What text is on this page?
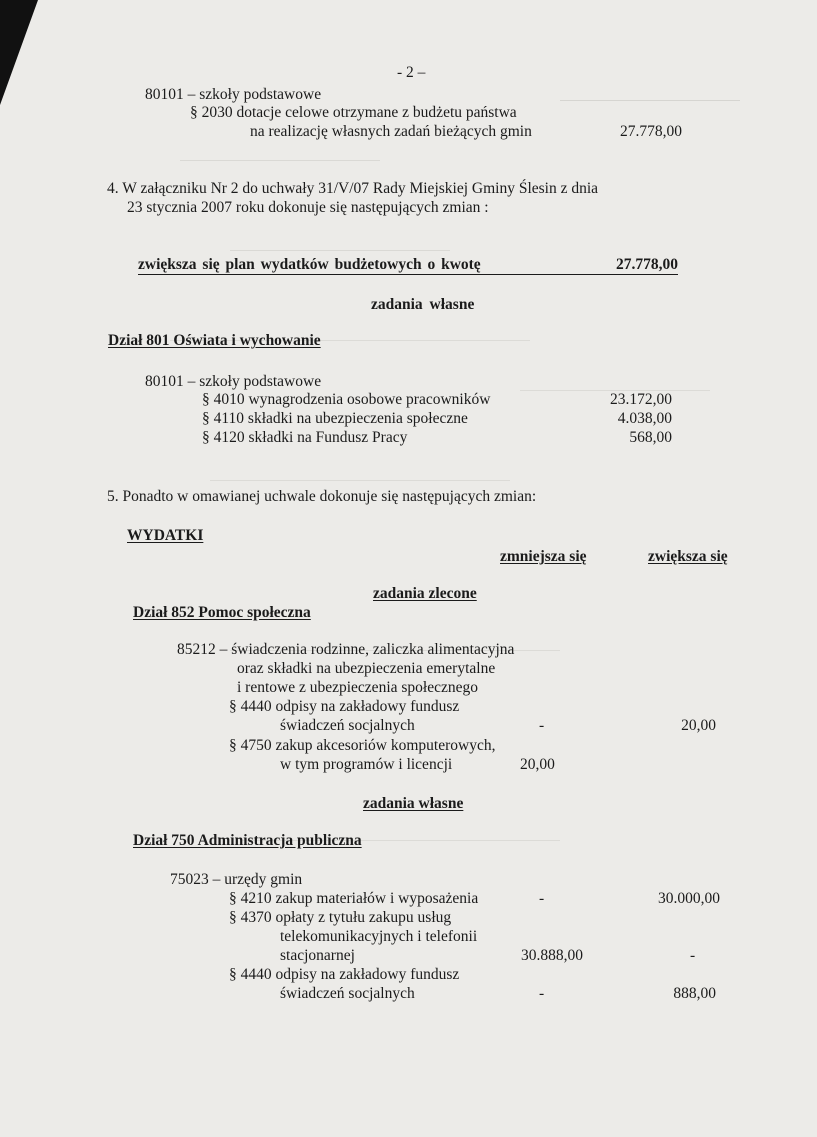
- 2 –
80101 – szkoły podstawowe
§ 2030 dotacje celowe otrzymane z budżetu państwa
na realizację własnych zadań bieżących gmin	27.778,00
4. W załączniku Nr 2 do uchwały 31/V/07 Rady Miejskiej Gminy Ślesin z dnia
23 stycznia 2007 roku dokonuje się następujących zmian :
zwiększa się plan wydatków budżetowych o kwotę	27.778,00
zadania własne
Dział 801 Oświata i wychowanie
80101 – szkoły podstawowe
§ 4010 wynagrodzenia osobowe pracowników	23.172,00
§ 4110 składki na ubezpieczenia społeczne	4.038,00
§ 4120 składki na Fundusz Pracy	568,00
5. Ponadto w omawianej uchwale dokonuje się następujących zmian:
WYDATKI
zmniejsza się	zwiększa się
zadania zlecone
Dział 852 Pomoc społeczna
85212 – świadczenia rodzinne, zaliczka alimentacyjna
oraz składki na ubezpieczenia emerytalne
i rentowe z ubezpieczenia społecznego
§ 4440 odpisy na zakładowy fundusz
świadczeń socjalnych	-	20,00
§ 4750 zakup akcesoriów komputerowych,
w tym programów i licencji	20,00
zadania własne
Dział 750 Administracja publiczna
75023 – urzędy gmin
§ 4210 zakup materiałów i wyposażenia	-	30.000,00
§ 4370 opłaty z tytułu zakupu usług
telekomunikacyjnych i telefonii
stacjonarnej	30.888,00	-
§ 4440 odpisy na zakładowy fundusz
świadczeń socjalnych	-	888,00
